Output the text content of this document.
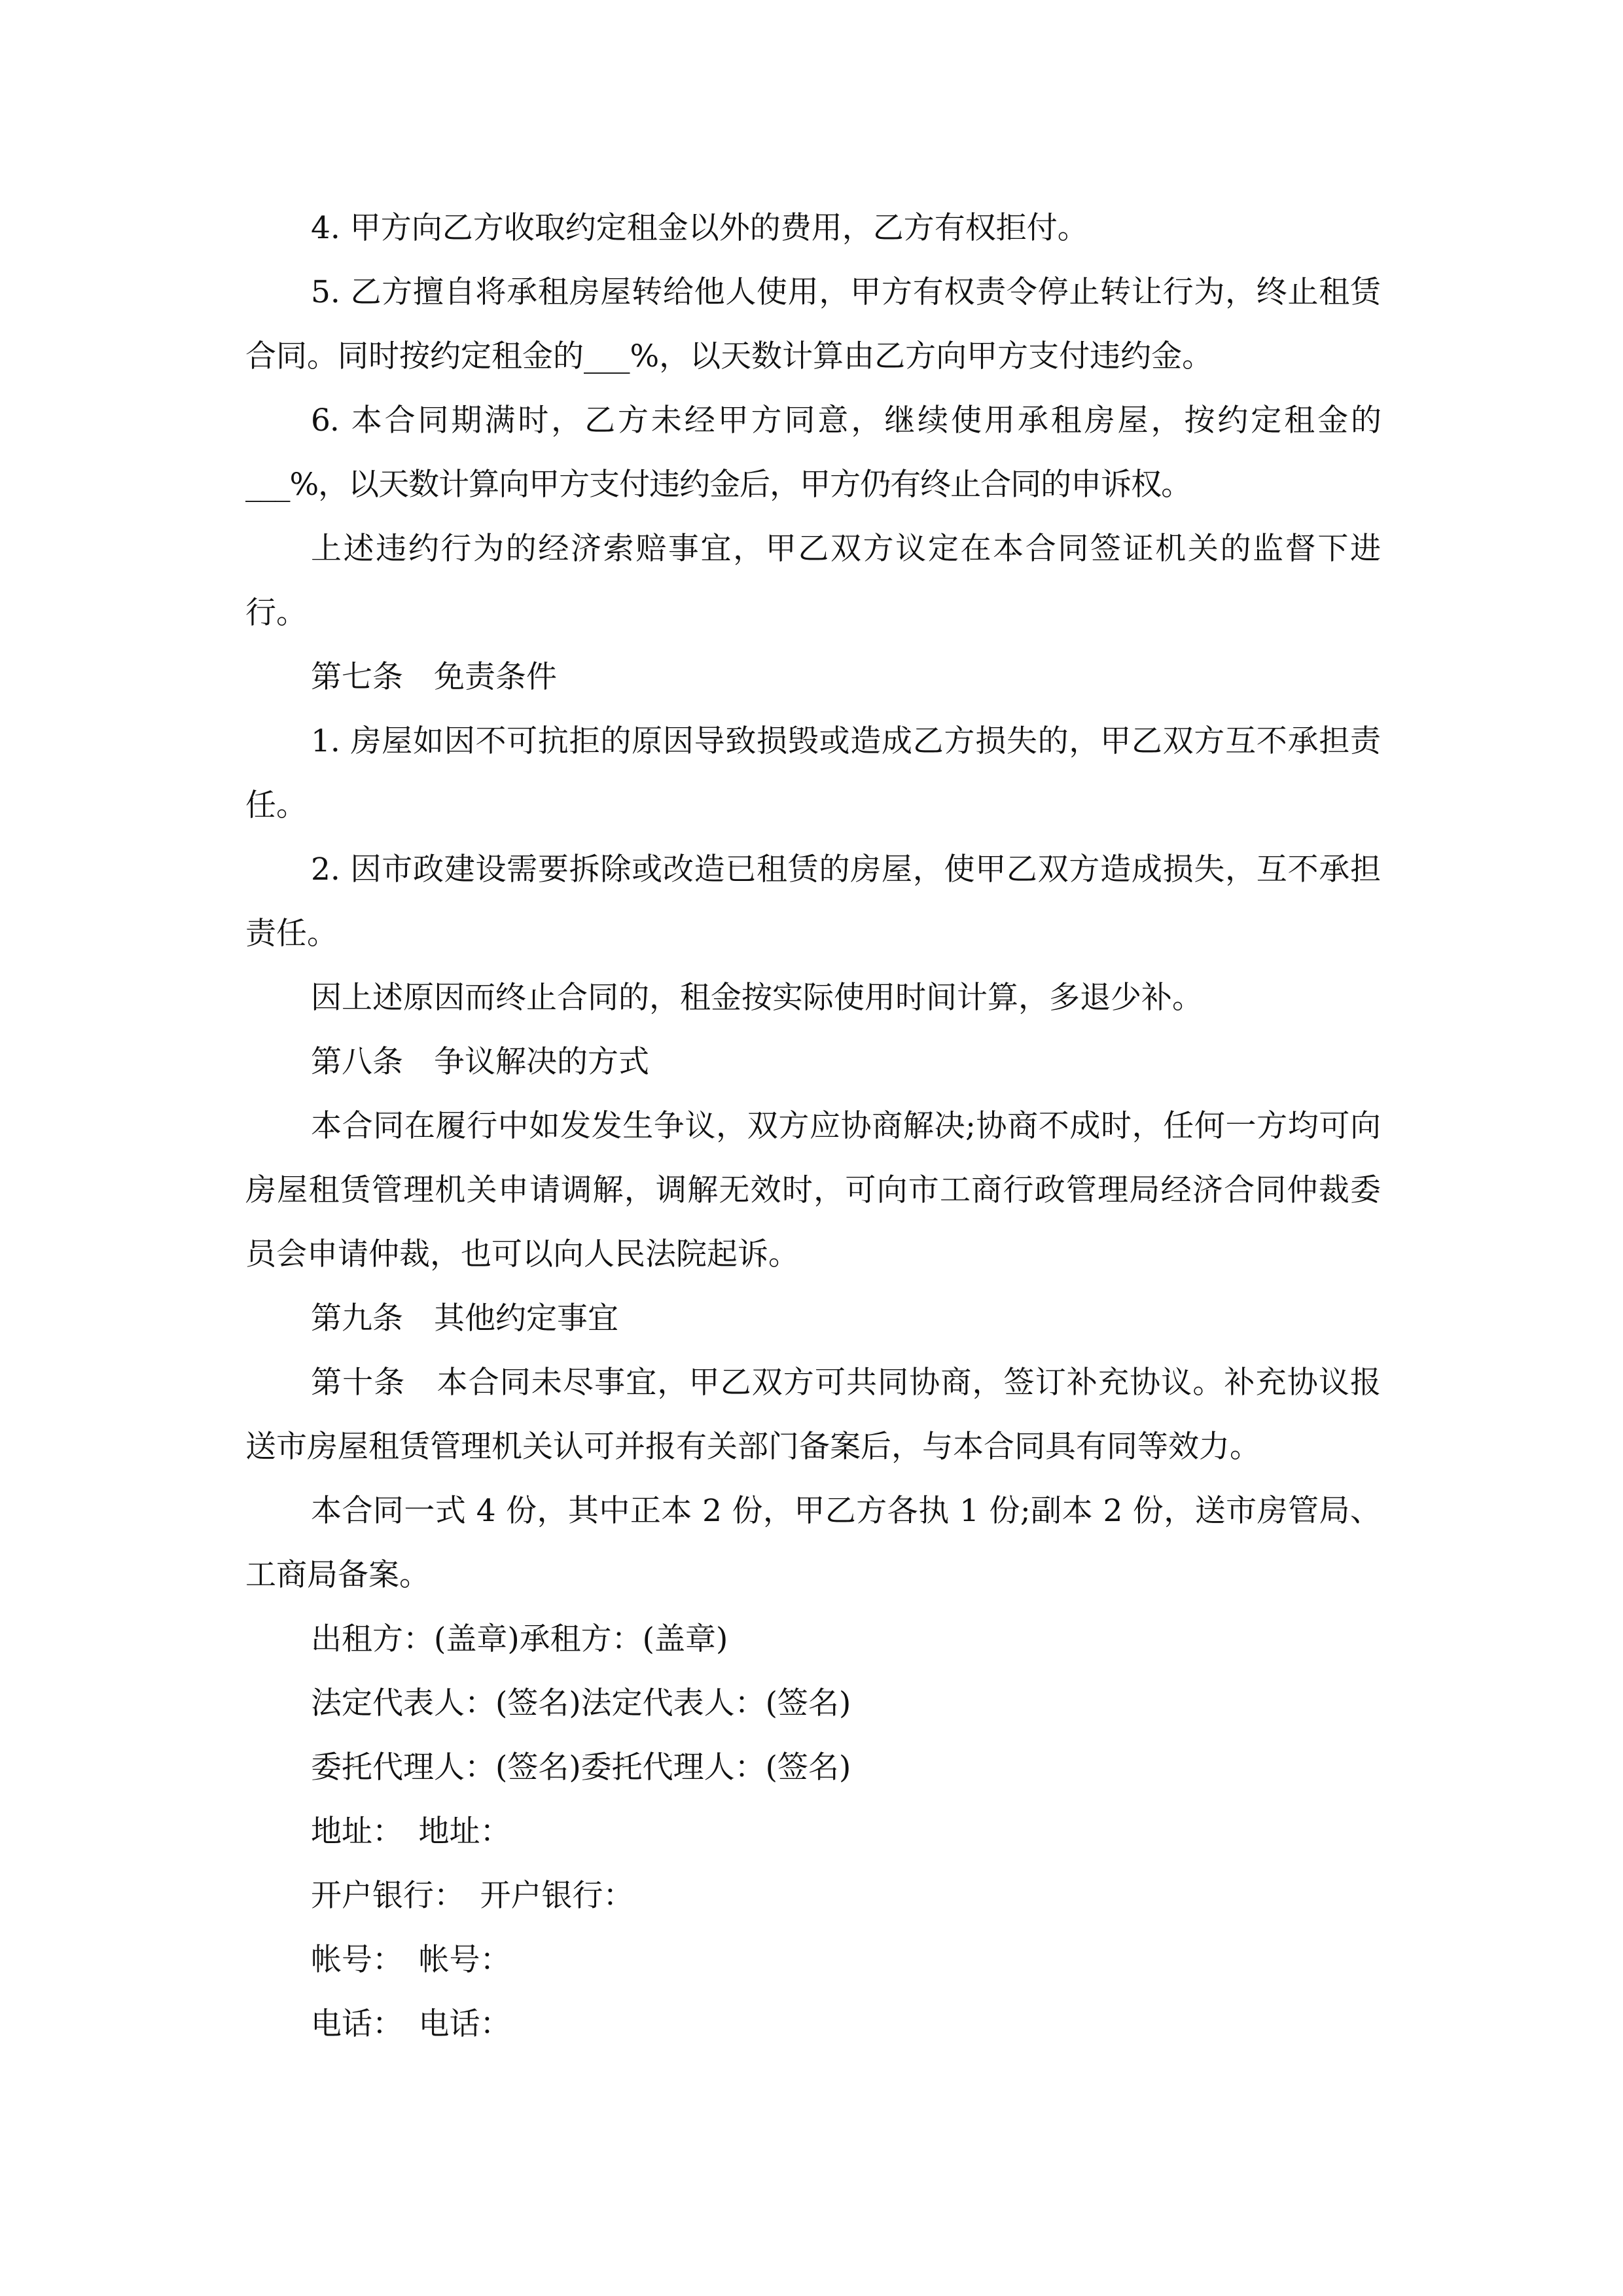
4. 甲方向乙方收取约定租金以外的费用，乙方有权拒付。

5. 乙方擅自将承租房屋转给他人使用，甲方有权责令停止转让行为，终止租赁合同。同时按约定租金的___%，以天数计算由乙方向甲方支付违约金。

6. 本合同期满时，乙方未经甲方同意，继续使用承租房屋，按约定租金的___%，以天数计算向甲方支付违约金后，甲方仍有终止合同的申诉权。

上述违约行为的经济索赔事宜，甲乙双方议定在本合同签证机关的监督下进行。

第七条　免责条件

1. 房屋如因不可抗拒的原因导致损毁或造成乙方损失的，甲乙双方互不承担责任。

2. 因市政建设需要拆除或改造已租赁的房屋，使甲乙双方造成损失，互不承担责任。

因上述原因而终止合同的，租金按实际使用时间计算，多退少补。

第八条　争议解决的方式

本合同在履行中如发发生争议，双方应协商解决;协商不成时，任何一方均可向房屋租赁管理机关申请调解，调解无效时，可向市工商行政管理局经济合同仲裁委员会申请仲裁，也可以向人民法院起诉。

第九条　其他约定事宜

第十条　本合同未尽事宜，甲乙双方可共同协商，签订补充协议。补充协议报送市房屋租赁管理机关认可并报有关部门备案后，与本合同具有同等效力。

本合同一式 4 份，其中正本 2 份，甲乙方各执 1 份;副本 2 份，送市房管局、工商局备案。

出租方：(盖章)承租方：(盖章)

法定代表人：(签名)法定代表人：(签名)

委托代理人：(签名)委托代理人：(签名)

地址：　地址：

开户银行：　开户银行：

帐号：　帐号：

电话：　电话：
